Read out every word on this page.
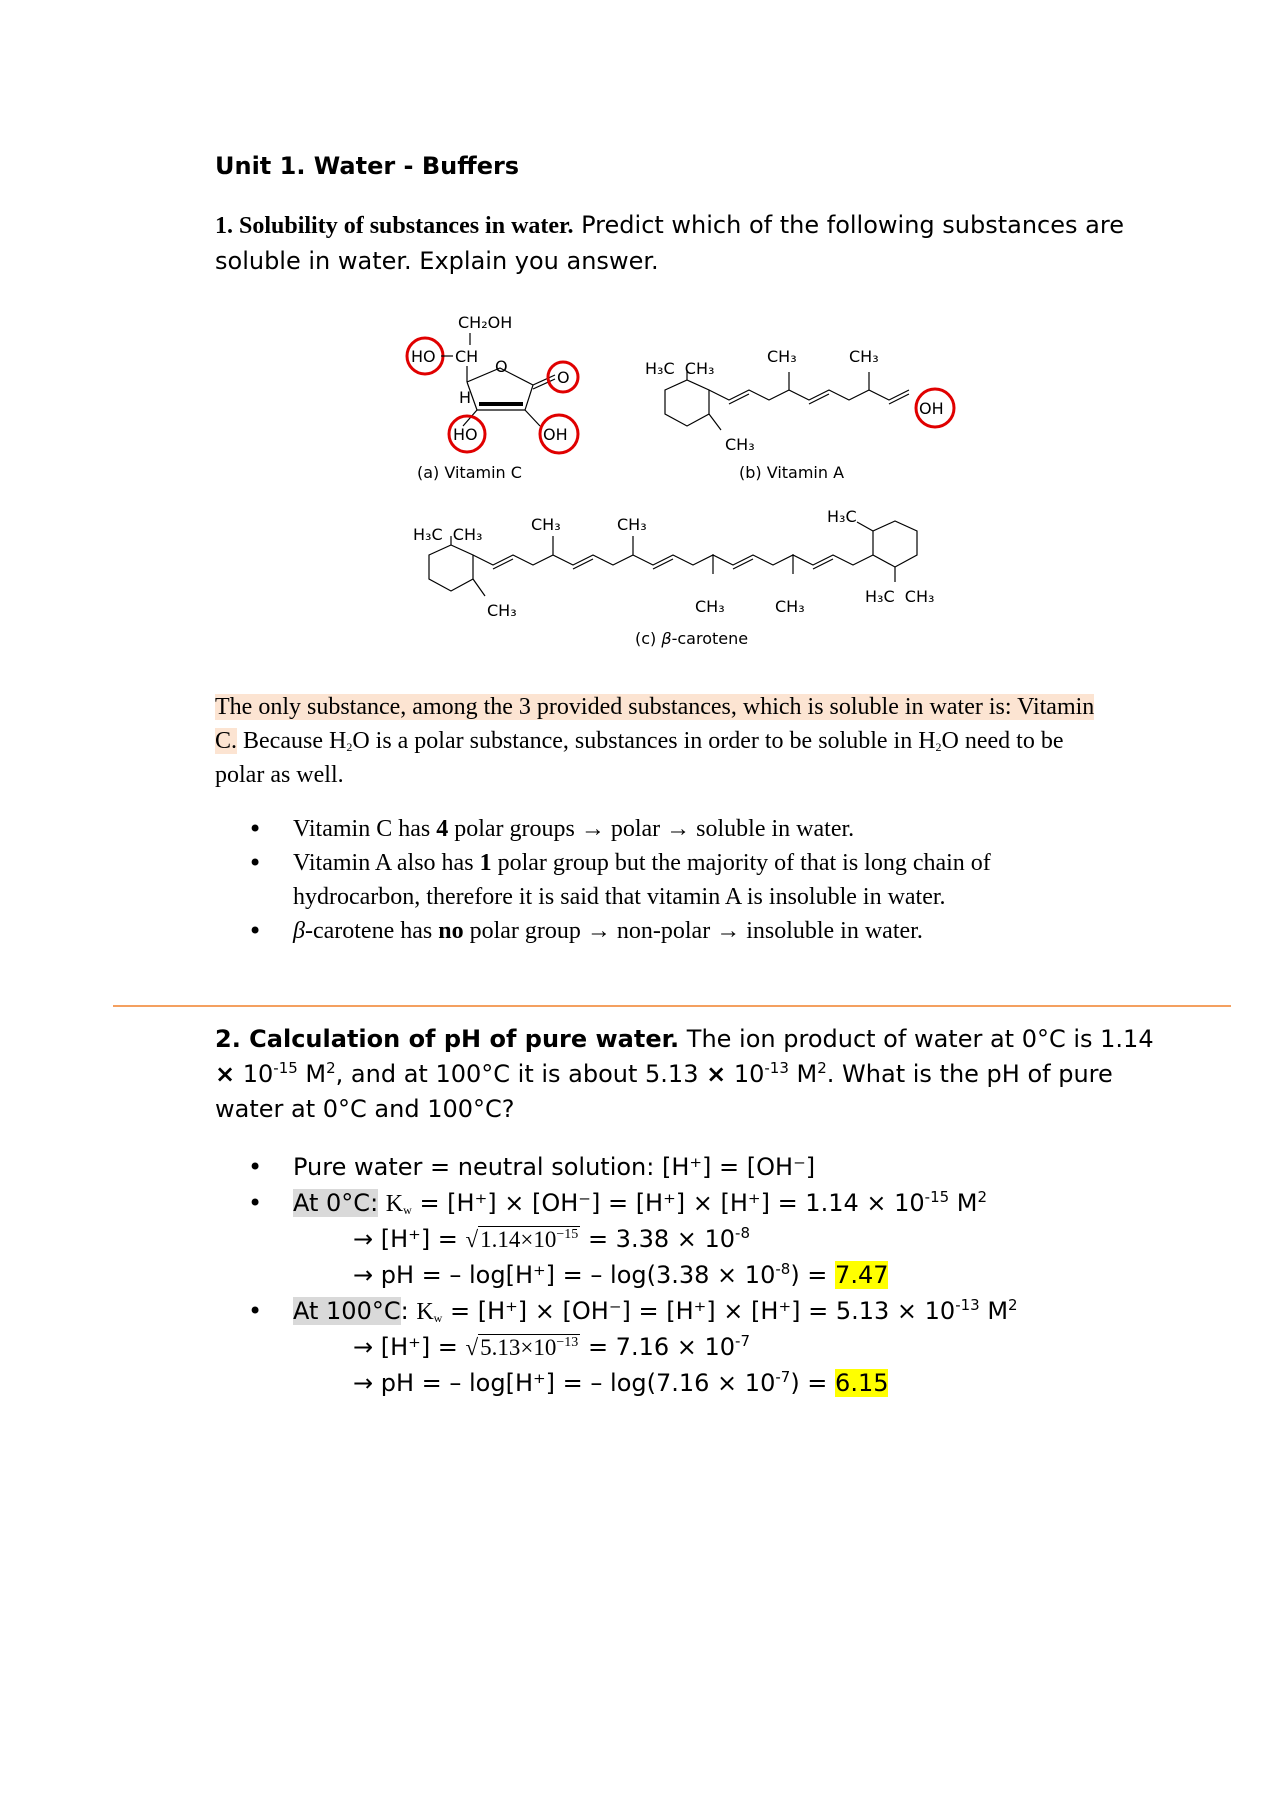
Unit 1. Water - Buffers
1. Solubility of substances in water. Predict which of the following substances are soluble in water. Explain you answer.
CH₂OH
HO CH
O
O
H
HO	OH
(a) Vitamin C
H₃C  CH₃
CH₃
CH₃	CH₃
OH
(b) Vitamin A
H₃C  CH₃
CH₃
CH₃	CH₃
CH₃	CH₃
H₃C
H₃C  CH₃
(c) β-carotene
The only substance, among the 3 provided substances, which is soluble in water is: Vitamin C. Because $H_2O$ is a polar substance, substances in order to be soluble in $H_2O$ need to be polar as well.
• Vitamin C has 4 polar groups → polar → soluble in water.
• Vitamin A also has 1 polar group but the majority of that is long chain of hydrocarbon, therefore it is said that vitamin A is insoluble in water.
• β-carotene has no polar group → non-polar → insoluble in water.
2. Calculation of pH of pure water. The ion product of water at 0°C is $1.14 \times 10^{-15}$ $M^2$, and at 100°C it is about $5.13 \times 10^{-13}$ $M^2$. What is the pH of pure water at 0°C and 100°C?
• Pure water = neutral solution: [H⁺] = [OH⁻]
• At 0°C: $K_w = [H^+] \times [OH^-] = [H^+] \times [H^+] = 1.14 \times 10^{-15}$ $M^2$
→ $[H^+] = √1.14\times 10^{-15} = 3.38 \times 10^{-8}$
→ pH = – log[H⁺] = – $\log(3.38 \times 10^{-8}) = 7.47$
• At 100°C: $K_w = [H^+] \times [OH^-] = [H^+] \times [H^+] = 5.13 \times 10^{-13}$ $M^2$
→ $[H^+] = √5.13\times 10^{-13} = 7.16 \times 10^{-7}$
→ pH = – log[H⁺] = – $\log(7.16 \times 10^{-7}) = 6.15$
